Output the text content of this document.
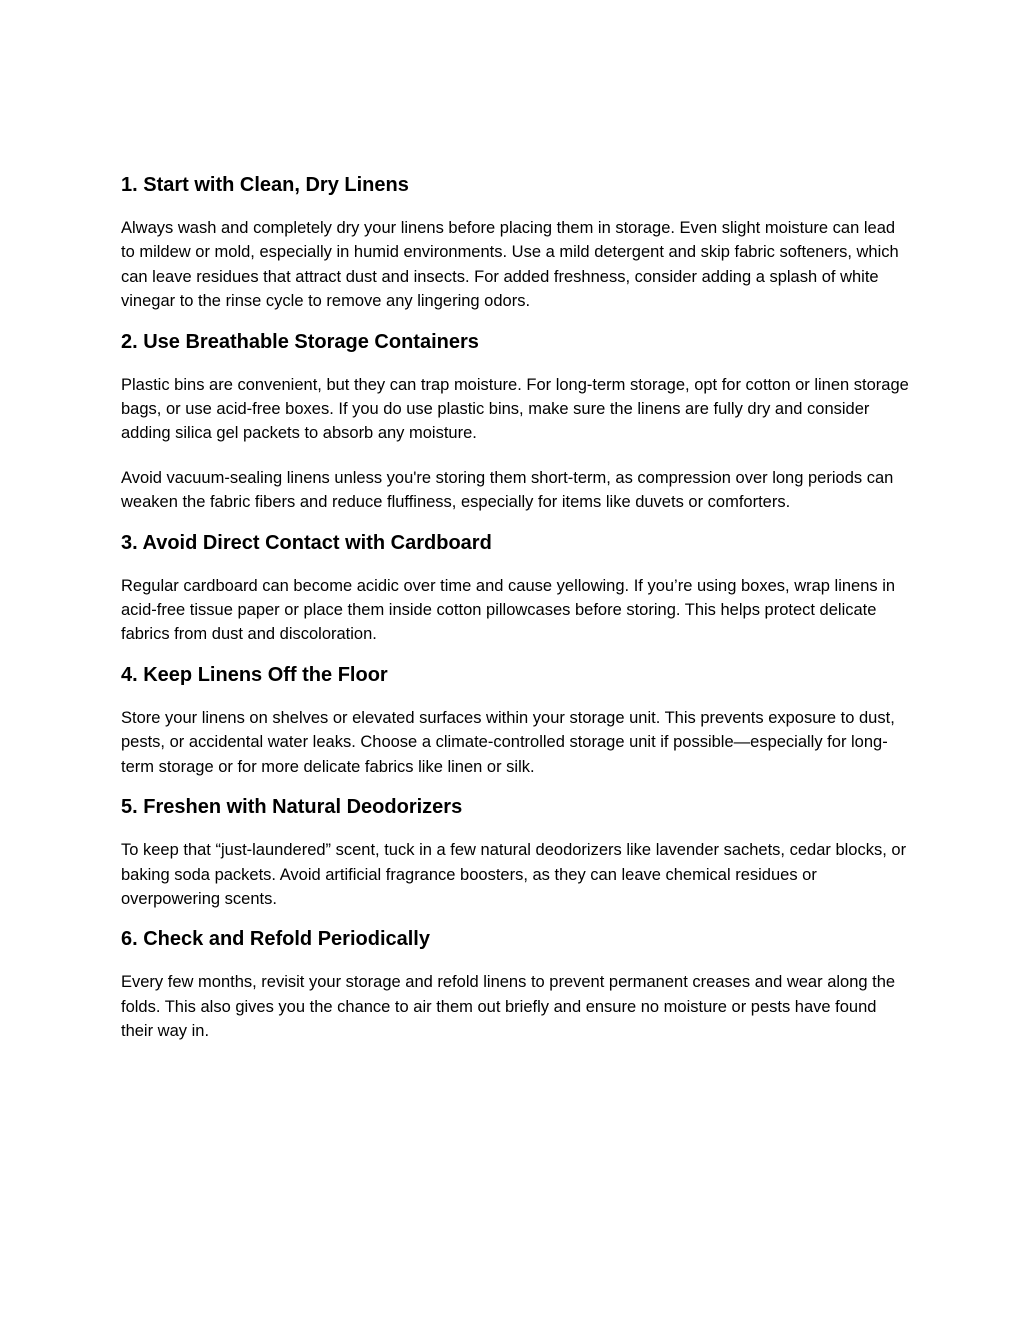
1. Start with Clean, Dry Linens

Always wash and completely dry your linens before placing them in storage. Even slight moisture can lead to mildew or mold, especially in humid environments. Use a mild detergent and skip fabric softeners, which can leave residues that attract dust and insects. For added freshness, consider adding a splash of white vinegar to the rinse cycle to remove any lingering odors.

2. Use Breathable Storage Containers

Plastic bins are convenient, but they can trap moisture. For long-term storage, opt for cotton or linen storage bags, or use acid-free boxes. If you do use plastic bins, make sure the linens are fully dry and consider adding silica gel packets to absorb any moisture.

Avoid vacuum-sealing linens unless you're storing them short-term, as compression over long periods can weaken the fabric fibers and reduce fluffiness, especially for items like duvets or comforters.

3. Avoid Direct Contact with Cardboard

Regular cardboard can become acidic over time and cause yellowing. If you’re using boxes, wrap linens in acid-free tissue paper or place them inside cotton pillowcases before storing. This helps protect delicate fabrics from dust and discoloration.

4. Keep Linens Off the Floor

Store your linens on shelves or elevated surfaces within your storage unit. This prevents exposure to dust, pests, or accidental water leaks. Choose a climate-controlled storage unit if possible—especially for long-term storage or for more delicate fabrics like linen or silk.

5. Freshen with Natural Deodorizers

To keep that “just-laundered” scent, tuck in a few natural deodorizers like lavender sachets, cedar blocks, or baking soda packets. Avoid artificial fragrance boosters, as they can leave chemical residues or overpowering scents.

6. Check and Refold Periodically

Every few months, revisit your storage and refold linens to prevent permanent creases and wear along the folds. This also gives you the chance to air them out briefly and ensure no moisture or pests have found their way in.
